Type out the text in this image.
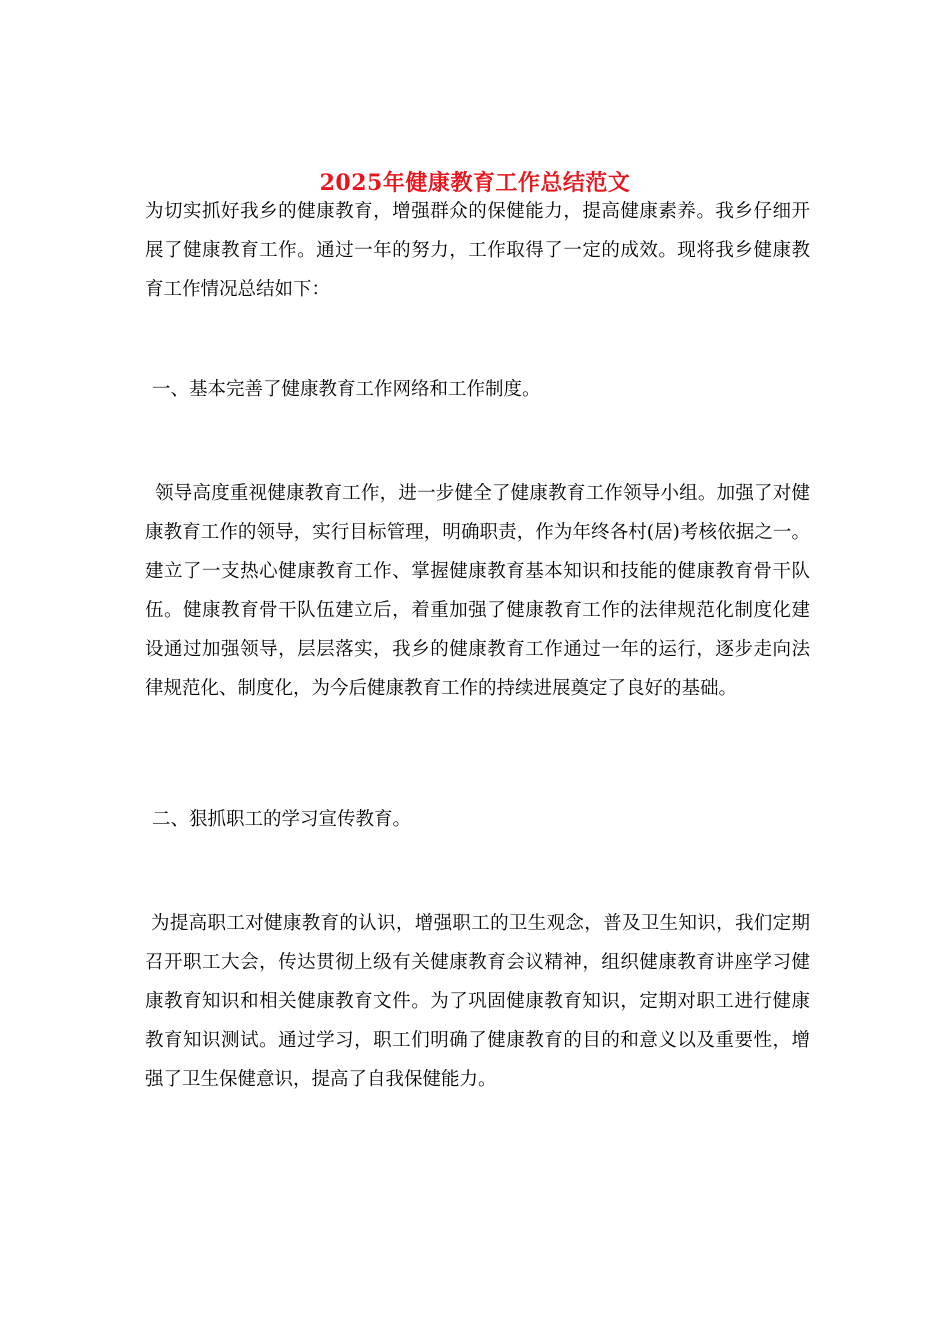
2025年健康教育工作总结范文

为切实抓好我乡的健康教育，增强群众的保健能力，提高健康素养。我乡仔细开展了健康教育工作。通过一年的努力，工作取得了一定的成效。现将我乡健康教育工作情况总结如下：

一、基本完善了健康教育工作网络和工作制度。

领导高度重视健康教育工作，进一步健全了健康教育工作领导小组。加强了对健康教育工作的领导，实行目标管理，明确职责，作为年终各村(居)考核依据之一。建立了一支热心健康教育工作、掌握健康教育基本知识和技能的健康教育骨干队伍。健康教育骨干队伍建立后，着重加强了健康教育工作的法律规范化制度化建设通过加强领导，层层落实，我乡的健康教育工作通过一年的运行，逐步走向法律规范化、制度化，为今后健康教育工作的持续进展奠定了良好的基础。

二、狠抓职工的学习宣传教育。

为提高职工对健康教育的认识，增强职工的卫生观念，普及卫生知识，我们定期召开职工大会，传达贯彻上级有关健康教育会议精神，组织健康教育讲座学习健康教育知识和相关健康教育文件。为了巩固健康教育知识，定期对职工进行健康教育知识测试。通过学习，职工们明确了健康教育的目的和意义以及重要性，增强了卫生保健意识，提高了自我保健能力。
